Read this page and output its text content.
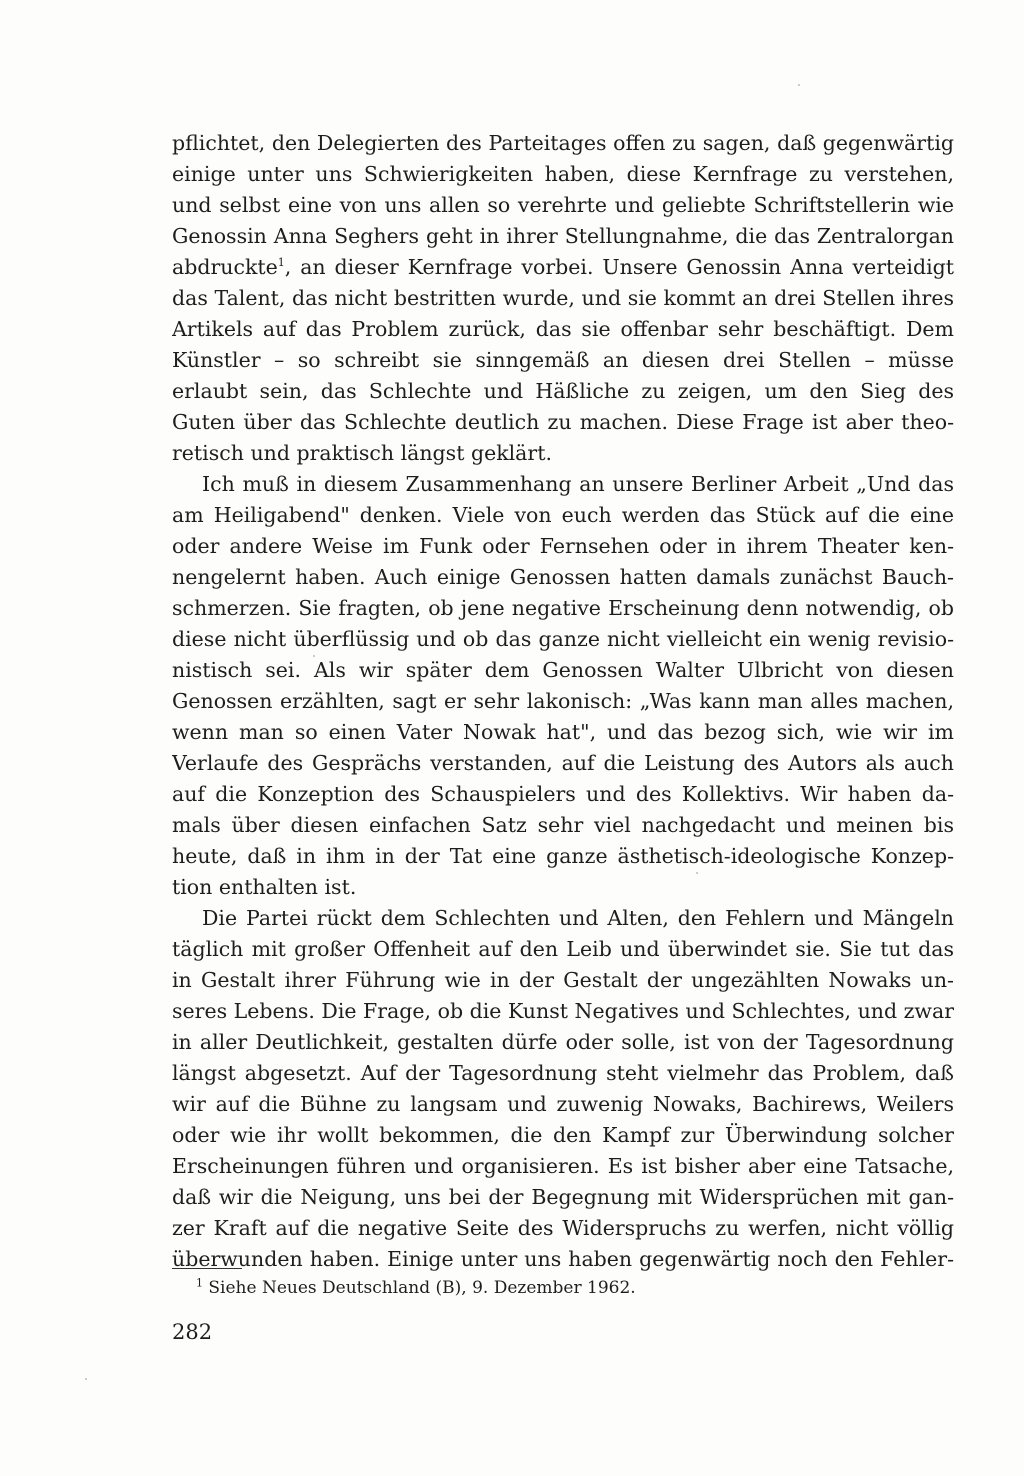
pflichtet, den Delegierten des Parteitages offen zu sagen, daß gegenwärtig
einige unter uns Schwierigkeiten haben, diese Kernfrage zu verstehen,
und selbst eine von uns allen so verehrte und geliebte Schriftstellerin wie
Genossin Anna Seghers geht in ihrer Stellungnahme, die das Zentralorgan
abdruckte$^1$, an dieser Kernfrage vorbei. Unsere Genossin Anna verteidigt
das Talent, das nicht bestritten wurde, und sie kommt an drei Stellen ihres
Artikels auf das Problem zurück, das sie offenbar sehr beschäftigt. Dem
Künstler – so schreibt sie sinngemäß an diesen drei Stellen – müsse
erlaubt sein, das Schlechte und Häßliche zu zeigen, um den Sieg des
Guten über das Schlechte deutlich zu machen. Diese Frage ist aber theo-
retisch und praktisch längst geklärt.
Ich muß in diesem Zusammenhang an unsere Berliner Arbeit „Und das
am Heiligabend" denken. Viele von euch werden das Stück auf die eine
oder andere Weise im Funk oder Fernsehen oder in ihrem Theater ken-
nengelernt haben. Auch einige Genossen hatten damals zunächst Bauch-
schmerzen. Sie fragten, ob jene negative Erscheinung denn notwendig, ob
diese nicht überflüssig und ob das ganze nicht vielleicht ein wenig revisio-
nistisch sei. Als wir später dem Genossen Walter Ulbricht von diesen
Genossen erzählten, sagt er sehr lakonisch: „Was kann man alles machen,
wenn man so einen Vater Nowak hat", und das bezog sich, wie wir im
Verlaufe des Gesprächs verstanden, auf die Leistung des Autors als auch
auf die Konzeption des Schauspielers und des Kollektivs. Wir haben da-
mals über diesen einfachen Satz sehr viel nachgedacht und meinen bis
heute, daß in ihm in der Tat eine ganze ästhetisch-ideologische Konzep-
tion enthalten ist.
Die Partei rückt dem Schlechten und Alten, den Fehlern und Mängeln
täglich mit großer Offenheit auf den Leib und überwindet sie. Sie tut das
in Gestalt ihrer Führung wie in der Gestalt der ungezählten Nowaks un-
seres Lebens. Die Frage, ob die Kunst Negatives und Schlechtes, und zwar
in aller Deutlichkeit, gestalten dürfe oder solle, ist von der Tagesordnung
längst abgesetzt. Auf der Tagesordnung steht vielmehr das Problem, daß
wir auf die Bühne zu langsam und zuwenig Nowaks, Bachirews, Weilers
oder wie ihr wollt bekommen, die den Kampf zur Überwindung solcher
Erscheinungen führen und organisieren. Es ist bisher aber eine Tatsache,
daß wir die Neigung, uns bei der Begegnung mit Widersprüchen mit gan-
zer Kraft auf die negative Seite des Widerspruchs zu werfen, nicht völlig
überwunden haben. Einige unter uns haben gegenwärtig noch den Fehler-
$^1$ Siehe Neues Deutschland (B), 9. Dezember 1962.
282
